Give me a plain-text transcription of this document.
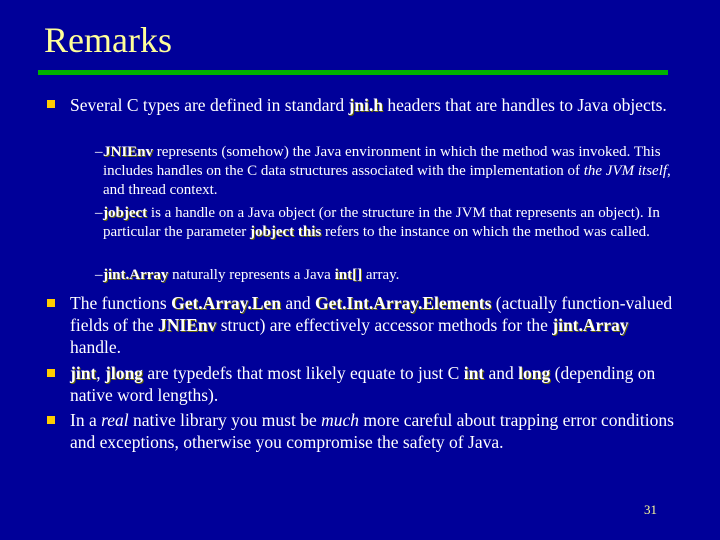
Remarks
Several C types are defined in standard jni.h headers that are handles to Java objects.
– JNIEnv represents (somehow) the Java environment in which the method was invoked. This includes handles on the C data structures associated with the implementation of the JVM itself, and thread context.
– jobject is a handle on a Java object (or the structure in the JVM that represents an object). In particular the parameter jobject this refers to the instance on which the method was called.
– jint.Array naturally represents a Java int[] array.
The functions Get.Array.Len and Get.Int.Array.Elements (actually function-valued fields of the JNIEnv struct) are effectively accessor methods for the jint.Array handle.
jint, jlong are typedefs that most likely equate to just C int and long (depending on native word lengths).
In a real native library you must be much more careful about trapping error conditions and exceptions, otherwise you compromise the safety of Java.
31
